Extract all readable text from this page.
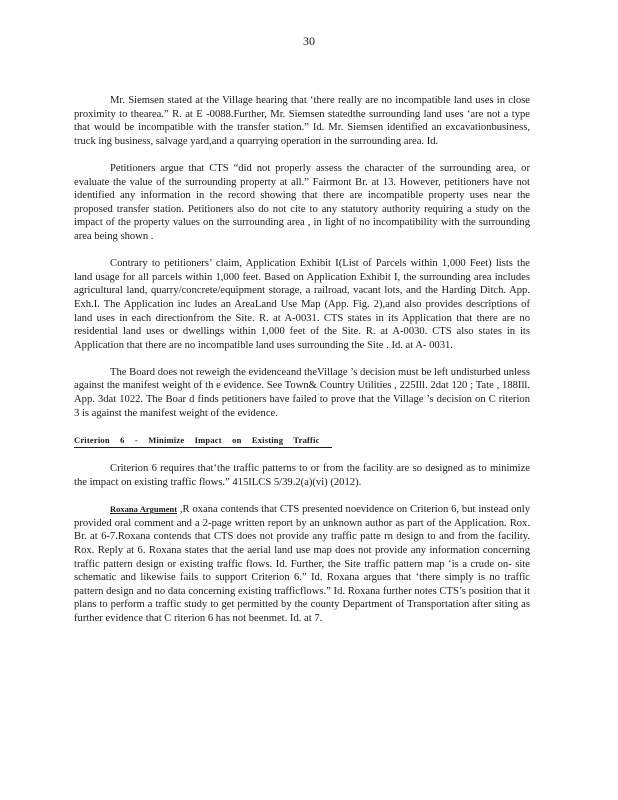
30

Mr. Siemsen stated at the Village hearing that ‘there really are no incompatible land uses in close proximity to thearea.” R. at E -0088.Further, Mr. Siemsen statedthe surrounding land uses ‘are not a type that would be incompatible with the transfer station.” Id. Mr. Siemsen identified an excavationbusiness, truck ing business, salvage yard,and a quarrying operation in the surrounding area. Id.

Petitioners argue that CTS “did not properly assess the character of the surrounding area, or evaluate the value of the surrounding property at all.” Fairmont Br. at 13. However, petitioners have not identified any information in the record showing that there are incompatible property uses near the proposed transfer station. Petitioners also do not cite to any statutory authority requiring a study on the impact of the property values on the surrounding area , in light of no incompatibility with the surrounding area being shown .

Contrary to petitioners’ claim, Application Exhibit I(List of Parcels within 1,000 Feet) lists the land usage for all parcels within 1,000 feet. Based on Application Exhibit I, the surrounding area includes agricultural land, quarry/concrete/equipment storage, a railroad, vacant lots, and the Harding Ditch. App. Exh.I. The Application inc ludes an AreaLand Use Map (App. Fig. 2),and also provides descriptions of land uses in each directionfrom the Site. R. at A-0031. CTS states in its Application that there are no residential land uses or dwellings within 1,000 feet of the Site. R. at A-0030. CTS also states in its Application that there are no incompatible land uses surrounding the Site . Id. at A- 0031.

The Board does not reweigh the evidenceand theVillage ’s decision must be left undisturbed unless against the manifest weight of th e evidence. See Town& Country Utilities , 225Ill. 2dat 120 ; Tate , 188Ill. App. 3dat 1022. The Boar d finds petitioners have failed to prove that the Village ’s decision on C riterion 3 is against the manifest weight of the evidence.

Criterion 6 - Minimize Impact on Existing Traffic

Criterion 6 requires that‘the traffic patterns to or from the facility are so designed as to minimize the impact on existing traffic flows.” 415ILCS 5/39.2(a)(vi) (2012).

Roxana Argument ,R oxana contends that CTS presented noevidence on Criterion 6, but instead only provided oral comment and a 2-page written report by an unknown author as part of the Application. Rox. Br. at 6-7.Roxana contends that CTS does not provide any traffic patte rn design to and from the facility. Rox. Reply at 6. Roxana states that the aerial land use map does not provide any information concerning traffic pattern design or existing traffic flows. Id. Further, the Site traffic pattern map ‘is a crude on- site schematic and likewise fails to support Criterion 6.” Id. Roxana argues that ‘there simply is no traffic pattern design and no data concerning existing trafficflows.” Id. Roxana further notes CTS’s position that it plans to perform a traffic study to get permitted by the county Department of Transportation after siting as further evidence that C riterion 6 has not beenmet. Id. at 7.
